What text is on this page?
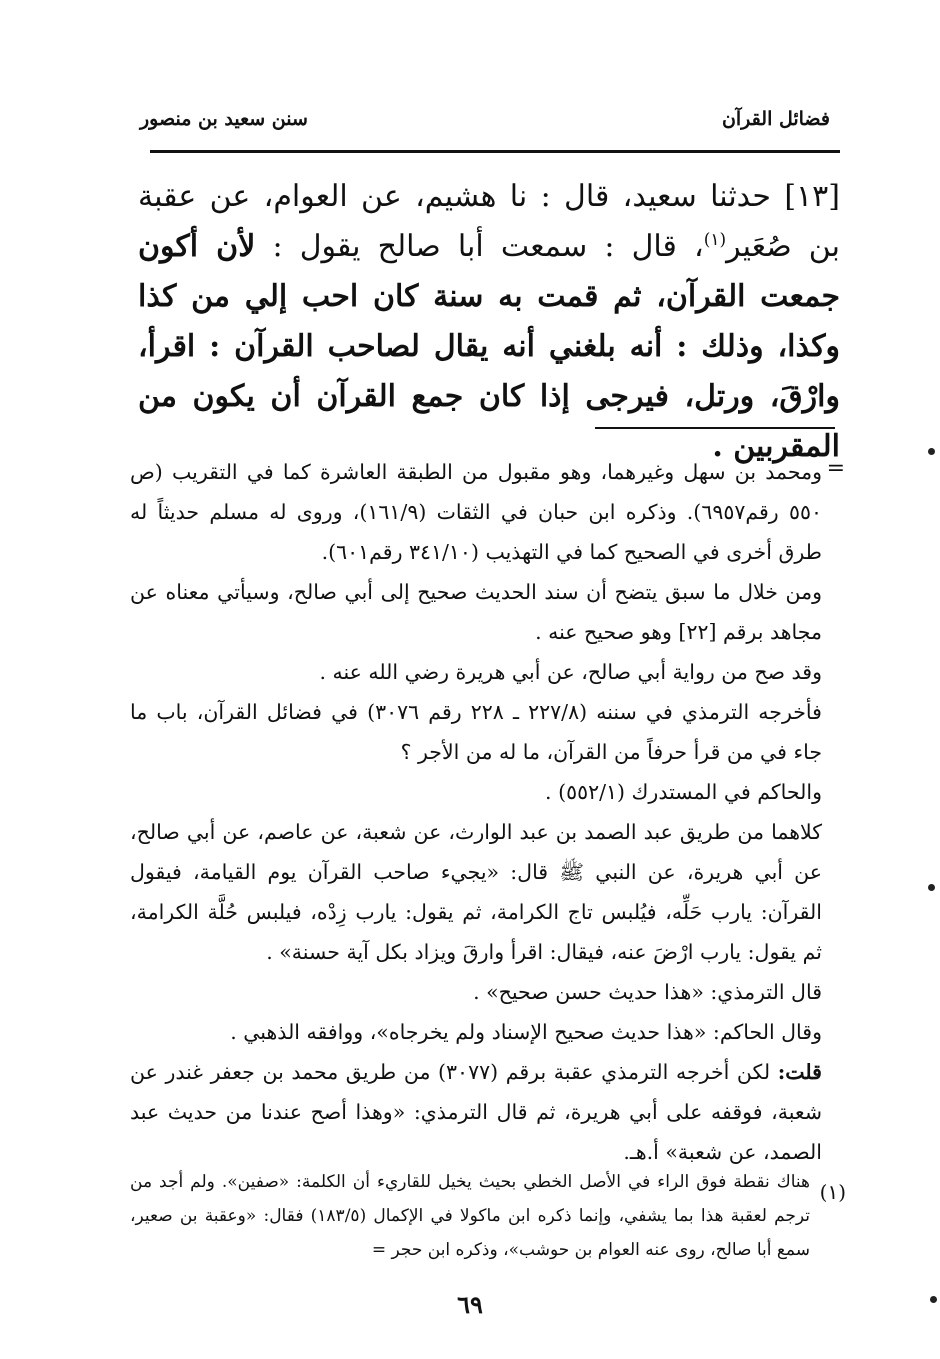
فضائل القرآن
سنن سعيد بن منصور
[١٣] حدثنا سعيد، قال : نا هشيم، عن العوام، عن عقبة بن صُعَير$^{(١)}$، قال : سمعت أبا صالح يقول : لأن أكون جمعت القرآن، ثم قمت به سنة كان احب إلي من كذا وكذا، وذلك : أنه بلغني أنه يقال لصاحب القرآن : اقرأ، وارْقَ، ورتل، فيرجى إذا كان جمع القرآن أن يكون من المقربين .
=

ومحمد بن سهل وغيرهما، وهو مقبول من الطبقة العاشرة كما في التقريب (ص ٥٥٠ رقم٦٩٥٧). وذكره ابن حبان في الثقات (١٦١/٩)، وروى له مسلم حديثاً له طرق أخرى في الصحيح كما في التهذيب (٣٤١/١٠ رقم٦٠١).

ومن خلال ما سبق يتضح أن سند الحديث صحيح إلى أبي صالح، وسيأتي معناه عن مجاهد برقم [٢٢] وهو صحيح عنه .

وقد صح من رواية أبي صالح، عن أبي هريرة رضي الله عنه .

فأخرجه الترمذي في سننه (٢٢٧/٨ ـ ٢٢٨ رقم ٣٠٧٦) في فضائل القرآن، باب ما جاء في من قرأ حرفاً من القرآن، ما له من الأجر ؟

والحاكم في المستدرك (٥٥٢/١) .

كلاهما من طريق عبد الصمد بن عبد الوارث، عن شعبة، عن عاصم، عن أبي صالح، عن أبي هريرة، عن النبي ﷺ قال: «يجيء صاحب القرآن يوم القيامة، فيقول القرآن: يارب حَلِّه، فيُلبس تاج الكرامة، ثم يقول: يارب زِدْه، فيلبس حُلَّة الكرامة، ثم يقول: يارب ارْضَ عنه، فيقال: اقرأ وارقَ ويزاد بكل آية حسنة» .

قال الترمذي: «هذا حديث حسن صحيح» .

وقال الحاكم: «هذا حديث صحيح الإسناد ولم يخرجاه»، ووافقه الذهبي .

قلت: لكن أخرجه الترمذي عقبة برقم (٣٠٧٧) من طريق محمد بن جعفر غندر عن شعبة، فوقفه على أبي هريرة، ثم قال الترمذي: «وهذا أصح عندنا من حديث عبد الصمد، عن شعبة» أ.هـ.

(١)

هناك نقطة فوق الراء في الأصل الخطي بحيث يخيل للقاريء أن الكلمة: «صفين». ولم أجد من ترجم لعقبة هذا بما يشفي، وإنما ذكره ابن ماكولا في الإكمال (١٨٣/٥) فقال: «وعقبة بن صعير، سمع أبا صالح، روى عنه العوام بن حوشب»، وذكره ابن حجر =

٦٩
